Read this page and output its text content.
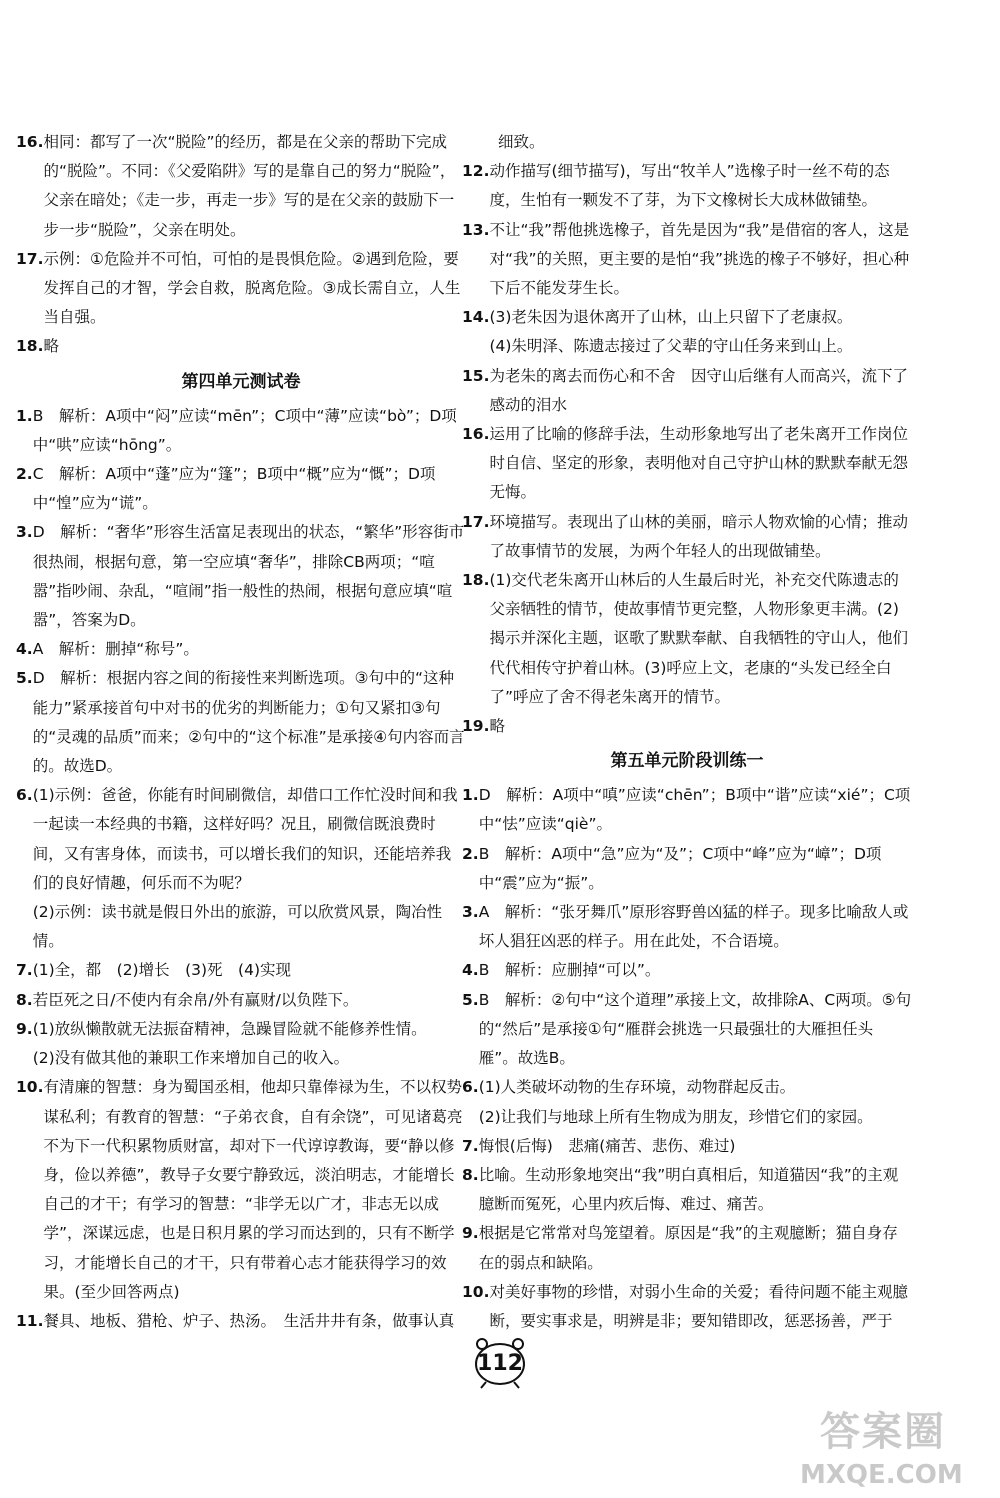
16. 相同：都写了一次“脱险”的经历，都是在父亲的帮助下完成的“脱险”。不同：《父爱陷阱》写的是靠自己的努力“脱险”，父亲在暗处；《走一步，再走一步》写的是在父亲的鼓励下一步一步“脱险”，父亲在明处。

17. 示例：①危险并不可怕，可怕的是畏惧危险。②遇到危险，要发挥自己的才智，学会自救，脱离危险。③成长需自立，人生当自强。

18. 略

第四单元测试卷
1. B　解析：A项中“闷”应读“mēn”；C项中“薄”应读“bò”；D项中“哄”应读“hōng”。

2. C　解析：A项中“蓬”应为“篷”；B项中“概”应为“慨”；D项中“惶”应为“谎”。

3. D　解析：“奢华”形容生活富足表现出的状态，“繁华”形容街市很热闹，根据句意，第一空应填“奢华”，排除CB两项；“喧嚣”指吵闹、杂乱，“喧闹”指一般性的热闹，根据句意应填“喧嚣”，答案为D。

4. A　解析：删掉“称号”。

5. D　解析：根据内容之间的衔接性来判断选项。③句中的“这种能力”紧承接首句中对书的优劣的判断能力；①句又紧扣③句的“灵魂的品质”而来；②句中的“这个标准”是承接④句内容而言的。故选D。

6. (1)示例：爸爸，你能有时间刷微信，却借口工作忙没时间和我一起读一本经典的书籍，这样好吗？况且，刷微信既浪费时间，又有害身体，而读书，可以增长我们的知识，还能培养我们的良好情趣，何乐而不为呢？

(2)示例：读书就是假日外出的旅游，可以欣赏风景，陶冶性情。

7. (1)全，都　(2)增长　(3)死　(4)实现

8. 若臣死之日/不使内有余帛/外有赢财/以负陛下。

9. (1)放纵懒散就无法振奋精神，急躁冒险就不能修养性情。

(2)没有做其他的兼职工作来增加自己的收入。

10. 有清廉的智慧：身为蜀国丞相，他却只靠俸禄为生，不以权势谋私利；有教育的智慧：“子弟衣食，自有余饶”，可见诸葛亮不为下一代积累物质财富，却对下一代谆谆教诲，要“静以修身，俭以养德”，教导子女要宁静致远，淡泊明志，才能增长自己的才干；有学习的智慧：“非学无以广才，非志无以成学”，深谋远虑，也是日积月累的学习而达到的，只有不断学习，才能增长自己的才干，只有带着心志才能获得学习的效果。(至少回答两点)

11. 餐具、地板、猎枪、炉子、热汤。　生活井井有条，做事认真

细致。
12. 动作描写(细节描写)，写出“牧羊人”选橡子时一丝不苟的态度，生怕有一颗发不了芽，为下文橡树长大成林做铺垫。

13. 不让“我”帮他挑选橡子，首先是因为“我”是借宿的客人，这是对“我”的关照，更主要的是怕“我”挑选的橡子不够好，担心种下后不能发芽生长。

14. (3)老朱因为退休离开了山林，山上只留下了老康叔。

(4)朱明泽、陈遗志接过了父辈的守山任务来到山上。

15. 为老朱的离去而伤心和不舍　因守山后继有人而高兴，流下了感动的泪水

16. 运用了比喻的修辞手法，生动形象地写出了老朱离开工作岗位时自信、坚定的形象，表明他对自己守护山林的默默奉献无怨无悔。

17. 环境描写。表现出了山林的美丽，暗示人物欢愉的心情；推动了故事情节的发展，为两个年轻人的出现做铺垫。

18. (1)交代老朱离开山林后的人生最后时光，补充交代陈遗志的父亲牺牲的情节，使故事情节更完整，人物形象更丰满。(2)揭示并深化主题，讴歌了默默奉献、自我牺牲的守山人，他们代代相传守护着山林。(3)呼应上文，老康的“头发已经全白了”呼应了舍不得老朱离开的情节。

19. 略

第五单元阶段训练一
1. D　解析：A项中“嗔”应读“chēn”；B项中“谐”应读“xié”；C项中“怯”应读“qiè”。

2. B　解析：A项中“急”应为“及”；C项中“峰”应为“嶂”；D项中“震”应为“振”。

3. A　解析：“张牙舞爪”原形容野兽凶猛的样子。现多比喻敌人或坏人猖狂凶恶的样子。用在此处，不合语境。

4. B　解析：应删掉“可以”。

5. B　解析：②句中“这个道理”承接上文，故排除A、C两项。⑤句的“然后”是承接①句“雁群会挑选一只最强壮的大雁担任头雁”。故选B。

6. (1)人类破坏动物的生存环境，动物群起反击。

(2)让我们与地球上所有生物成为朋友，珍惜它们的家园。

7. 悔恨(后悔)　悲痛(痛苦、悲伤、难过)

8. 比喻。生动形象地突出“我”明白真相后，知道猫因“我”的主观臆断而冤死，心里内疚后悔、难过、痛苦。

9. 根据是它常常对鸟笼望着。原因是“我”的主观臆断；猫自身存在的弱点和缺陷。

10. 对美好事物的珍惜，对弱小生命的关爱；看待问题不能主观臆断，要实事求是，明辨是非；要知错即改，惩恶扬善，严于

112
答案圈
MXQE.COM
